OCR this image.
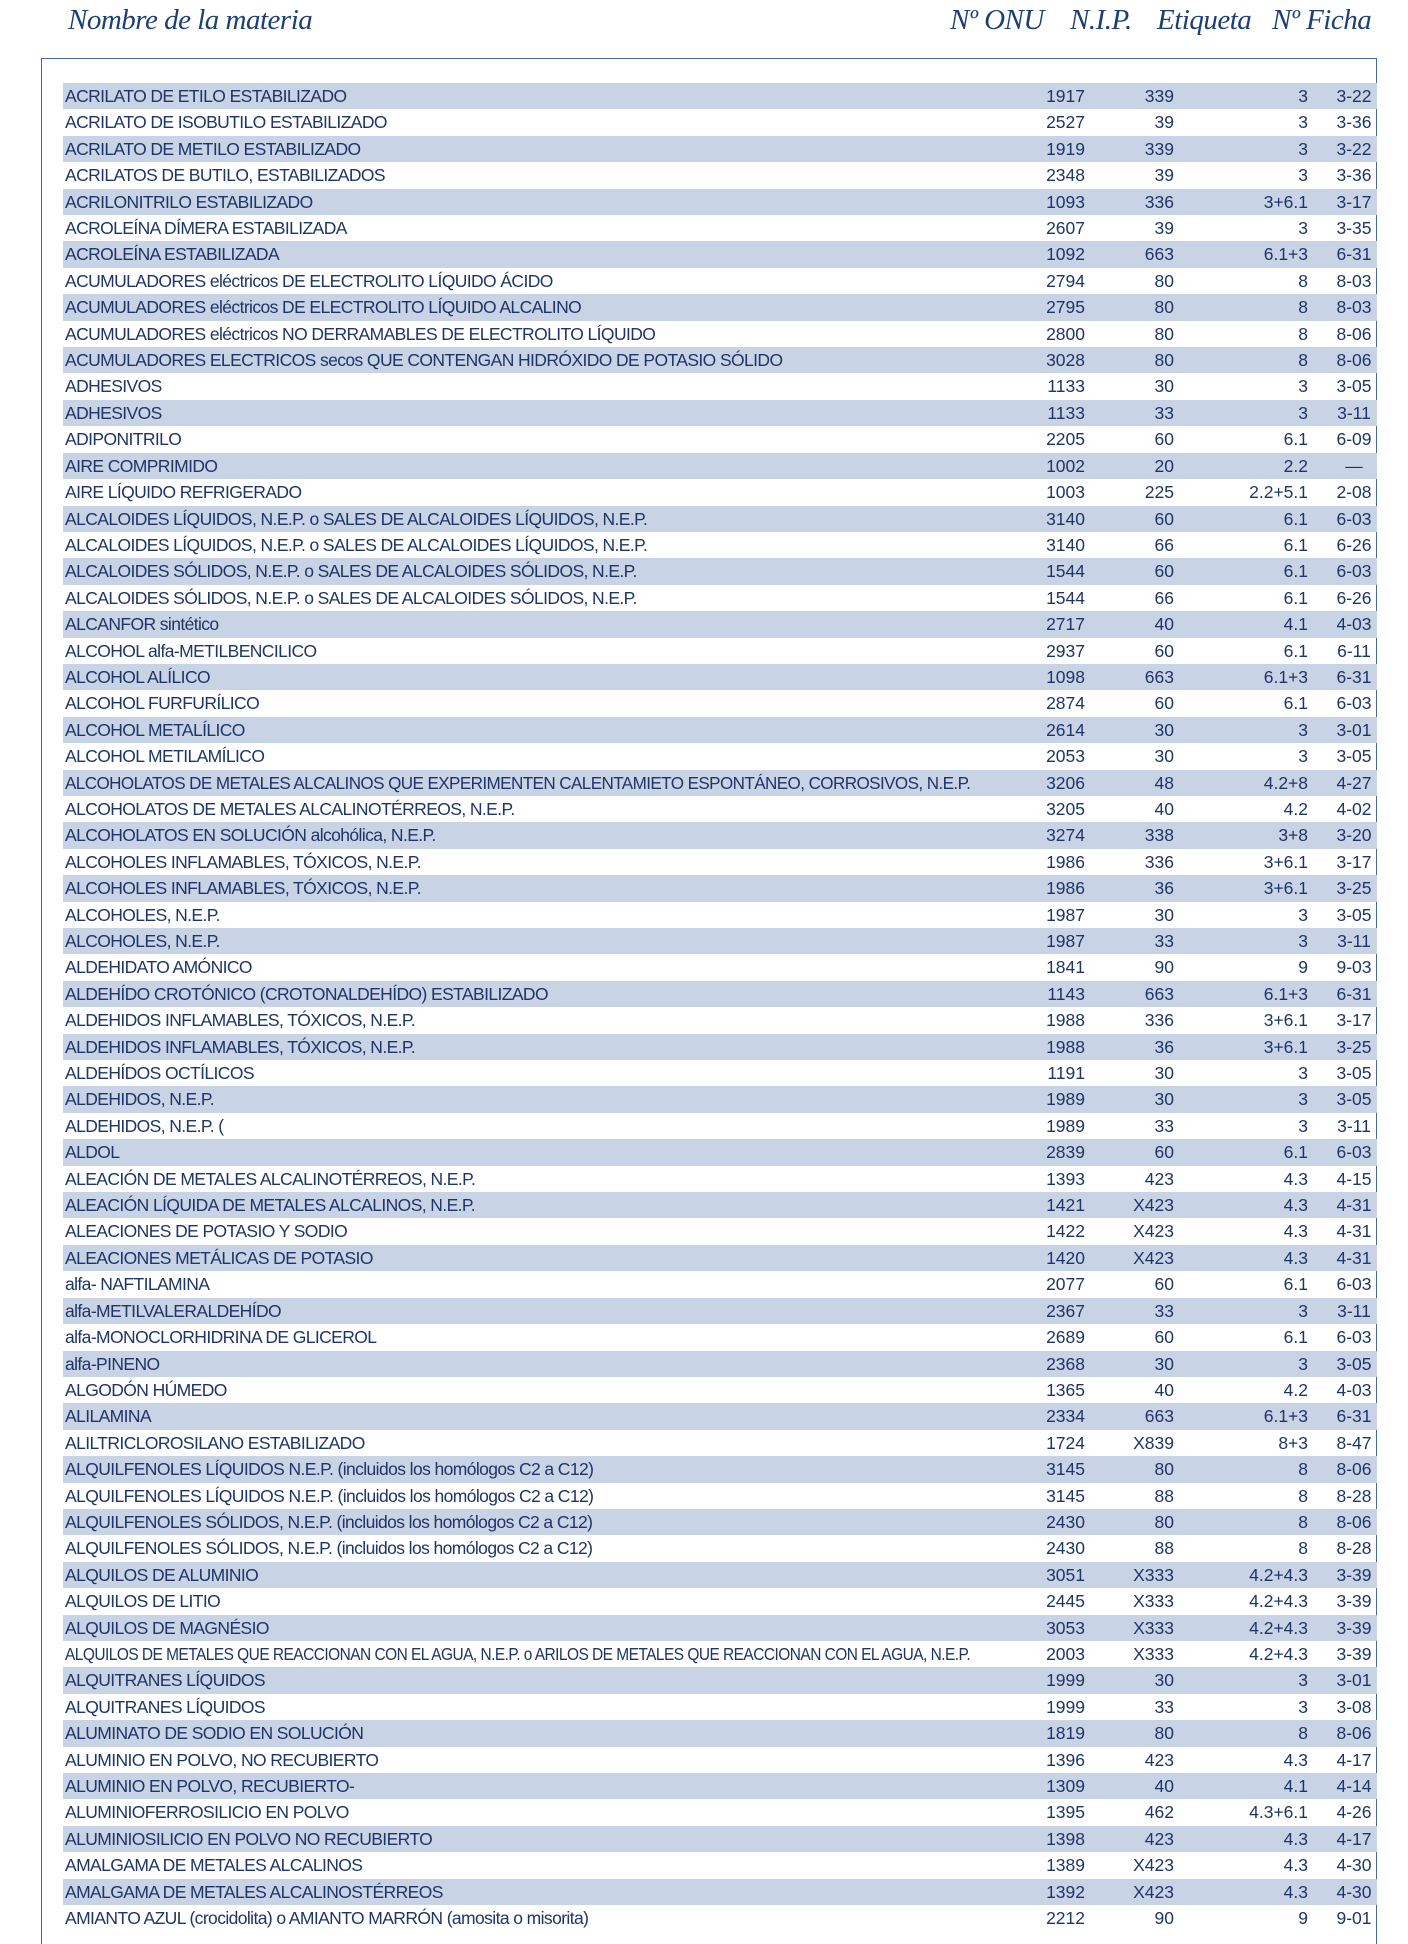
Nombre de la materia	Nº ONU N.I.P. Etiqueta Nº Ficha
ACRILATO DE ETILO ESTABILIZADO	1917	339	3	3-22
ACRILATO DE ISOBUTILO ESTABILIZADO	2527	39	3	3-36
ACRILATO DE METILO ESTABILIZADO	1919	339	3	3-22
ACRILATOS DE BUTILO, ESTABILIZADOS	2348	39	3	3-36
ACRILONITRILO ESTABILIZADO	1093	336	3+6.1	3-17
ACROLEÍNA DÍMERA ESTABILIZADA	2607	39	3	3-35
ACROLEÍNA ESTABILIZADA	1092	663	6.1+3	6-31
ACUMULADORES eléctricos DE ELECTROLITO LÍQUIDO ÁCIDO	2794	80	8	8-03
ACUMULADORES eléctricos DE ELECTROLITO LÍQUIDO ALCALINO	2795	80	8	8-03
ACUMULADORES eléctricos NO DERRAMABLES DE ELECTROLITO LÍQUIDO	2800	80	8	8-06
ACUMULADORES ELECTRICOS secos QUE CONTENGAN HIDRÓXIDO DE POTASIO SÓLIDO	3028	80	8	8-06
ADHESIVOS	1133	30	3	3-05
ADHESIVOS	1133	33	3	3-11
ADIPONITRILO	2205	60	6.1	6-09
AIRE COMPRIMIDO	1002	20	2.2	—
AIRE LÍQUIDO REFRIGERADO	1003	225	2.2+5.1	2-08
ALCALOIDES LÍQUIDOS, N.E.P. o SALES DE ALCALOIDES LÍQUIDOS, N.E.P.	3140	60	6.1	6-03
ALCALOIDES LÍQUIDOS, N.E.P. o SALES DE ALCALOIDES LÍQUIDOS, N.E.P.	3140	66	6.1	6-26
ALCALOIDES SÓLIDOS, N.E.P. o SALES DE ALCALOIDES SÓLIDOS, N.E.P.	1544	60	6.1	6-03
ALCALOIDES SÓLIDOS, N.E.P. o SALES DE ALCALOIDES SÓLIDOS, N.E.P.	1544	66	6.1	6-26
ALCANFOR sintético	2717	40	4.1	4-03
ALCOHOL alfa-METILBENCILICO	2937	60	6.1	6-11
ALCOHOL ALÍLICO	1098	663	6.1+3	6-31
ALCOHOL FURFURÍLICO	2874	60	6.1	6-03
ALCOHOL METALÍLICO	2614	30	3	3-01
ALCOHOL METILAMÍLICO	2053	30	3	3-05
ALCOHOLATOS DE METALES ALCALINOS QUE EXPERIMENTEN CALENTAMIETO ESPONTÁNEO, CORROSIVOS, N.E.P.	3206	48	4.2+8	4-27
ALCOHOLATOS DE METALES ALCALINOTÉRREOS, N.E.P.	3205	40	4.2	4-02
ALCOHOLATOS EN SOLUCIÓN alcohólica, N.E.P.	3274	338	3+8	3-20
ALCOHOLES INFLAMABLES, TÓXICOS, N.E.P.	1986	336	3+6.1	3-17
ALCOHOLES INFLAMABLES, TÓXICOS, N.E.P.	1986	36	3+6.1	3-25
ALCOHOLES, N.E.P.	1987	30	3	3-05
ALCOHOLES, N.E.P.	1987	33	3	3-11
ALDEHIDATO AMÓNICO	1841	90	9	9-03
ALDEHÍDO CROTÓNICO (CROTONALDEHÍDO) ESTABILIZADO	1143	663	6.1+3	6-31
ALDEHIDOS INFLAMABLES, TÓXICOS, N.E.P.	1988	336	3+6.1	3-17
ALDEHIDOS INFLAMABLES, TÓXICOS, N.E.P.	1988	36	3+6.1	3-25
ALDEHÍDOS OCTÍLICOS	1191	30	3	3-05
ALDEHIDOS, N.E.P.	1989	30	3	3-05
ALDEHIDOS, N.E.P. (	1989	33	3	3-11
ALDOL	2839	60	6.1	6-03
ALEACIÓN DE METALES ALCALINOTÉRREOS, N.E.P.	1393	423	4.3	4-15
ALEACIÓN LÍQUIDA DE METALES ALCALINOS, N.E.P.	1421	X423	4.3	4-31
ALEACIONES DE POTASIO Y SODIO	1422	X423	4.3	4-31
ALEACIONES METÁLICAS DE POTASIO	1420	X423	4.3	4-31
alfa- NAFTILAMINA	2077	60	6.1	6-03
alfa-METILVALERALDEHÍDO	2367	33	3	3-11
alfa-MONOCLORHIDRINA DE GLICEROL	2689	60	6.1	6-03
alfa-PINENO	2368	30	3	3-05
ALGODÓN HÚMEDO	1365	40	4.2	4-03
ALILAMINA	2334	663	6.1+3	6-31
ALILTRICLOROSILANO ESTABILIZADO	1724	X839	8+3	8-47
ALQUILFENOLES LÍQUIDOS N.E.P. (incluidos los homólogos C2 a C12)	3145	80	8	8-06
ALQUILFENOLES LÍQUIDOS N.E.P. (incluidos los homólogos C2 a C12)	3145	88	8	8-28
ALQUILFENOLES SÓLIDOS, N.E.P. (incluidos los homólogos C2 a C12)	2430	80	8	8-06
ALQUILFENOLES SÓLIDOS, N.E.P. (incluidos los homólogos C2 a C12)	2430	88	8	8-28
ALQUILOS DE ALUMINIO	3051	X333	4.2+4.3	3-39
ALQUILOS DE LITIO	2445	X333	4.2+4.3	3-39
ALQUILOS DE MAGNÉSIO	3053	X333	4.2+4.3	3-39
ALQUILOS DE METALES QUE REACCIONAN CON EL AGUA, N.E.P. o ARILOS DE METALES QUE REACCIONAN CON EL AGUA, N.E.P.	2003	X333	4.2+4.3	3-39
ALQUITRANES LÍQUIDOS	1999	30	3	3-01
ALQUITRANES LÍQUIDOS	1999	33	3	3-08
ALUMINATO DE SODIO EN SOLUCIÓN	1819	80	8	8-06
ALUMINIO EN POLVO, NO RECUBIERTO	1396	423	4.3	4-17
ALUMINIO EN POLVO, RECUBIERTO-	1309	40	4.1	4-14
ALUMINIOFERROSILICIO EN POLVO	1395	462	4.3+6.1	4-26
ALUMINIOSILICIO EN POLVO NO RECUBIERTO	1398	423	4.3	4-17
AMALGAMA DE METALES ALCALINOS	1389	X423	4.3	4-30
AMALGAMA DE METALES ALCALINOSTÉRREOS	1392	X423	4.3	4-30
AMIANTO AZUL (crocidolita) o AMIANTO MARRÓN (amosita o misorita)	2212	90	9	9-01
